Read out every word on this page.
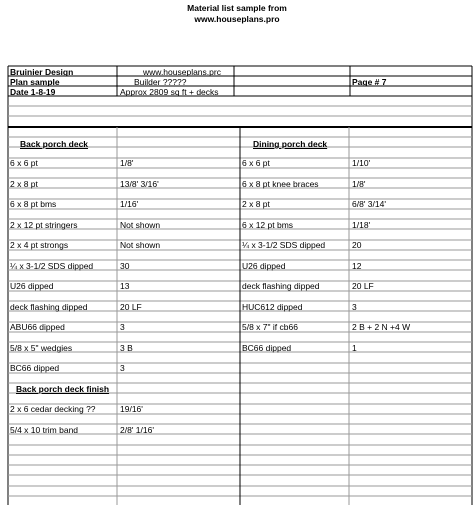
Material list sample from
www.houseplans.pro
Bruinier Design	www.houseplans.prc
Plan sample	Builder ?????	Page # 7
Date 1-8-19	Approx 2809 sq ft + decks
Back porch deck	Dining porch deck
Back porch deck finish
6 x 6 pt	1/8'
2 x 8 pt	13/8' 3/16'
6 x 8 pt bms	1/16'
2 x 12 pt stringers	Not shown
2 x 4 pt strongs	Not shown
¼ x 3-1/2 SDS dipped	30
U26 dipped	13
deck flashing dipped	20 LF
ABU66 dipped	3
5/8 x 5" wedgies	3 B
BC66 dipped	3
2 x 6 cedar decking ??	19/16'
5/4 x 10 trim band	2/8' 1/16'
6 x 6 pt	1/10'
6 x 8 pt knee braces	1/8'
2 x 8 pt	6/8' 3/14'
6 x 12 pt bms	1/18'
¼ x 3-1/2 SDS dipped	20
U26 dipped	12
deck flashing dipped	20 LF
HUC612 dipped	3
5/8 x 7" if cb66	2 B + 2 N +4 W
BC66 dipped	1
